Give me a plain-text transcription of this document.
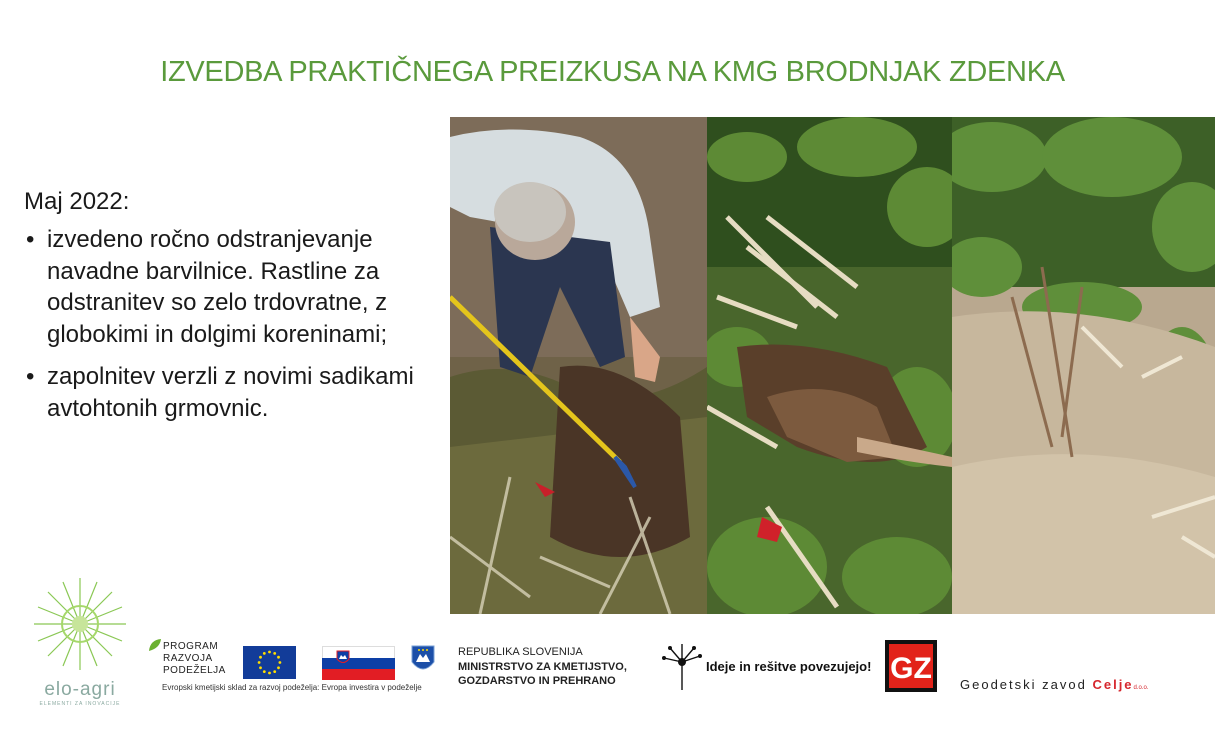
IZVEDBA PRAKTIČNEGA PREIZKUSA NA KMG BRODNJAK ZDENKA
Maj 2022:
• izvedeno ročno odstranjevanje navadne barvilnice. Rastline za odstranitev so zelo trdovratne, z globokimi in dolgimi koreninami;
• zapolnitev verzli z novimi sadikami avtohtonih grmovnic.
elo-agri
ELEMENTI ZA INOVACIJE
PROGRAM
RAZVOJA
PODEŽELJA
Evropski kmetijski sklad za razvoj podeželja: Evropa investira v podeželje
REPUBLIKA SLOVENIJA
MINISTRSTVO ZA KMETIJSTVO,
GOZDARSTVO IN PREHRANO
Ideje in rešitve povezujejo! GZ Geodetski zavod Celjed.o.o.
